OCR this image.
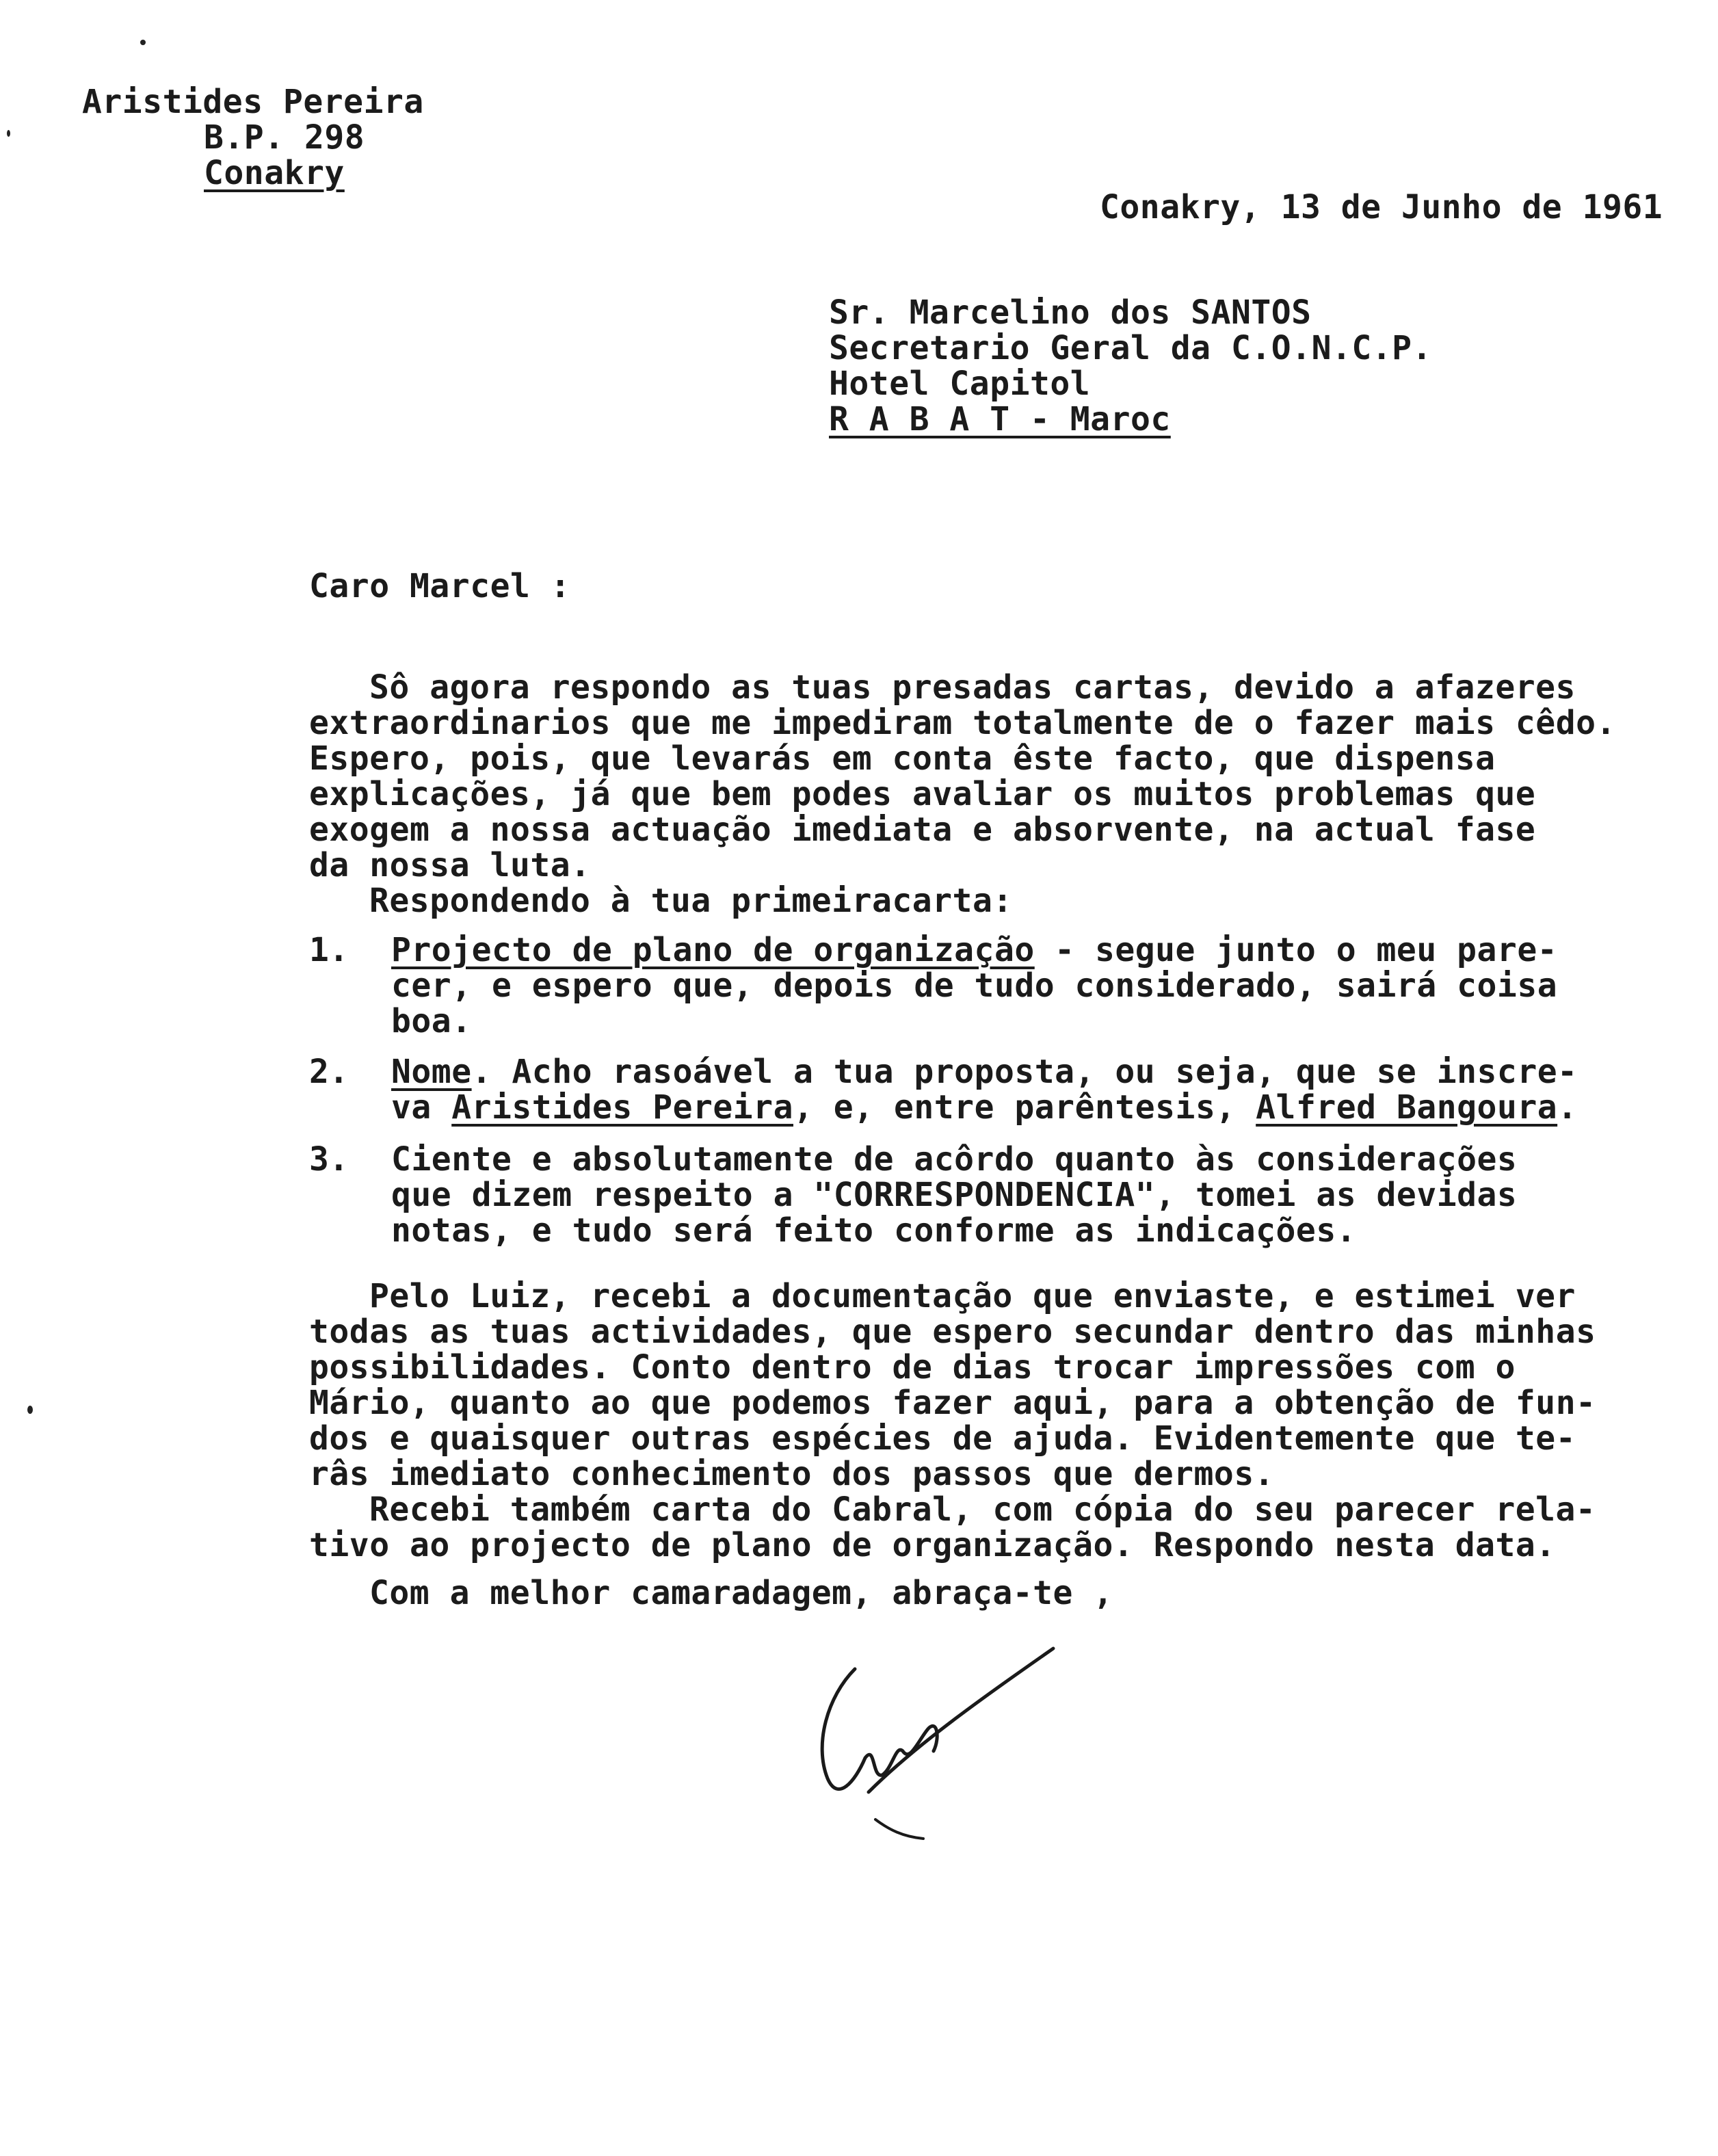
Aristides Pereira
B.P. 298
Conakry
Conakry, 13 de Junho de 1961
Sr. Marcelino dos SANTOS
Secretario Geral da C.O.N.C.P.
Hotel Capitol
R A B A T - Maroc
Caro Marcel :
Sô agora respondo as tuas presadas cartas, devido a afazeres
extraordinarios que me impediram totalmente de o fazer mais cêdo.
Espero, pois, que levarás em conta êste facto, que dispensa
explicações, já que bem podes avaliar os muitos problemas que
exogem a nossa actuação imediata e absorvente, na actual fase
da nossa luta.
Respondendo à tua primeiracarta:
1. Projecto de plano de organização - segue junto o meu pare-
cer, e espero que, depois de tudo considerado, sairá coisa
boa.
2. Nome. Acho rasoável a tua proposta, ou seja, que se inscre-
va Aristides Pereira, e, entre parêntesis, Alfred Bangoura.
3. Ciente e absolutamente de acôrdo quanto às considerações
que dizem respeito a "CORRESPONDENCIA", tomei as devidas
notas, e tudo será feito conforme as indicações.
Pelo Luiz, recebi a documentação que enviaste, e estimei ver
todas as tuas actividades, que espero secundar dentro das minhas
possibilidades. Conto dentro de dias trocar impressões com o
Mário, quanto ao que podemos fazer aqui, para a obtenção de fun-
dos e quaisquer outras espécies de ajuda. Evidentemente que te-
râs imediato conhecimento dos passos que dermos.
Recebi também carta do Cabral, com cópia do seu parecer rela-
tivo ao projecto de plano de organização. Respondo nesta data.
Com a melhor camaradagem, abraça-te ,
